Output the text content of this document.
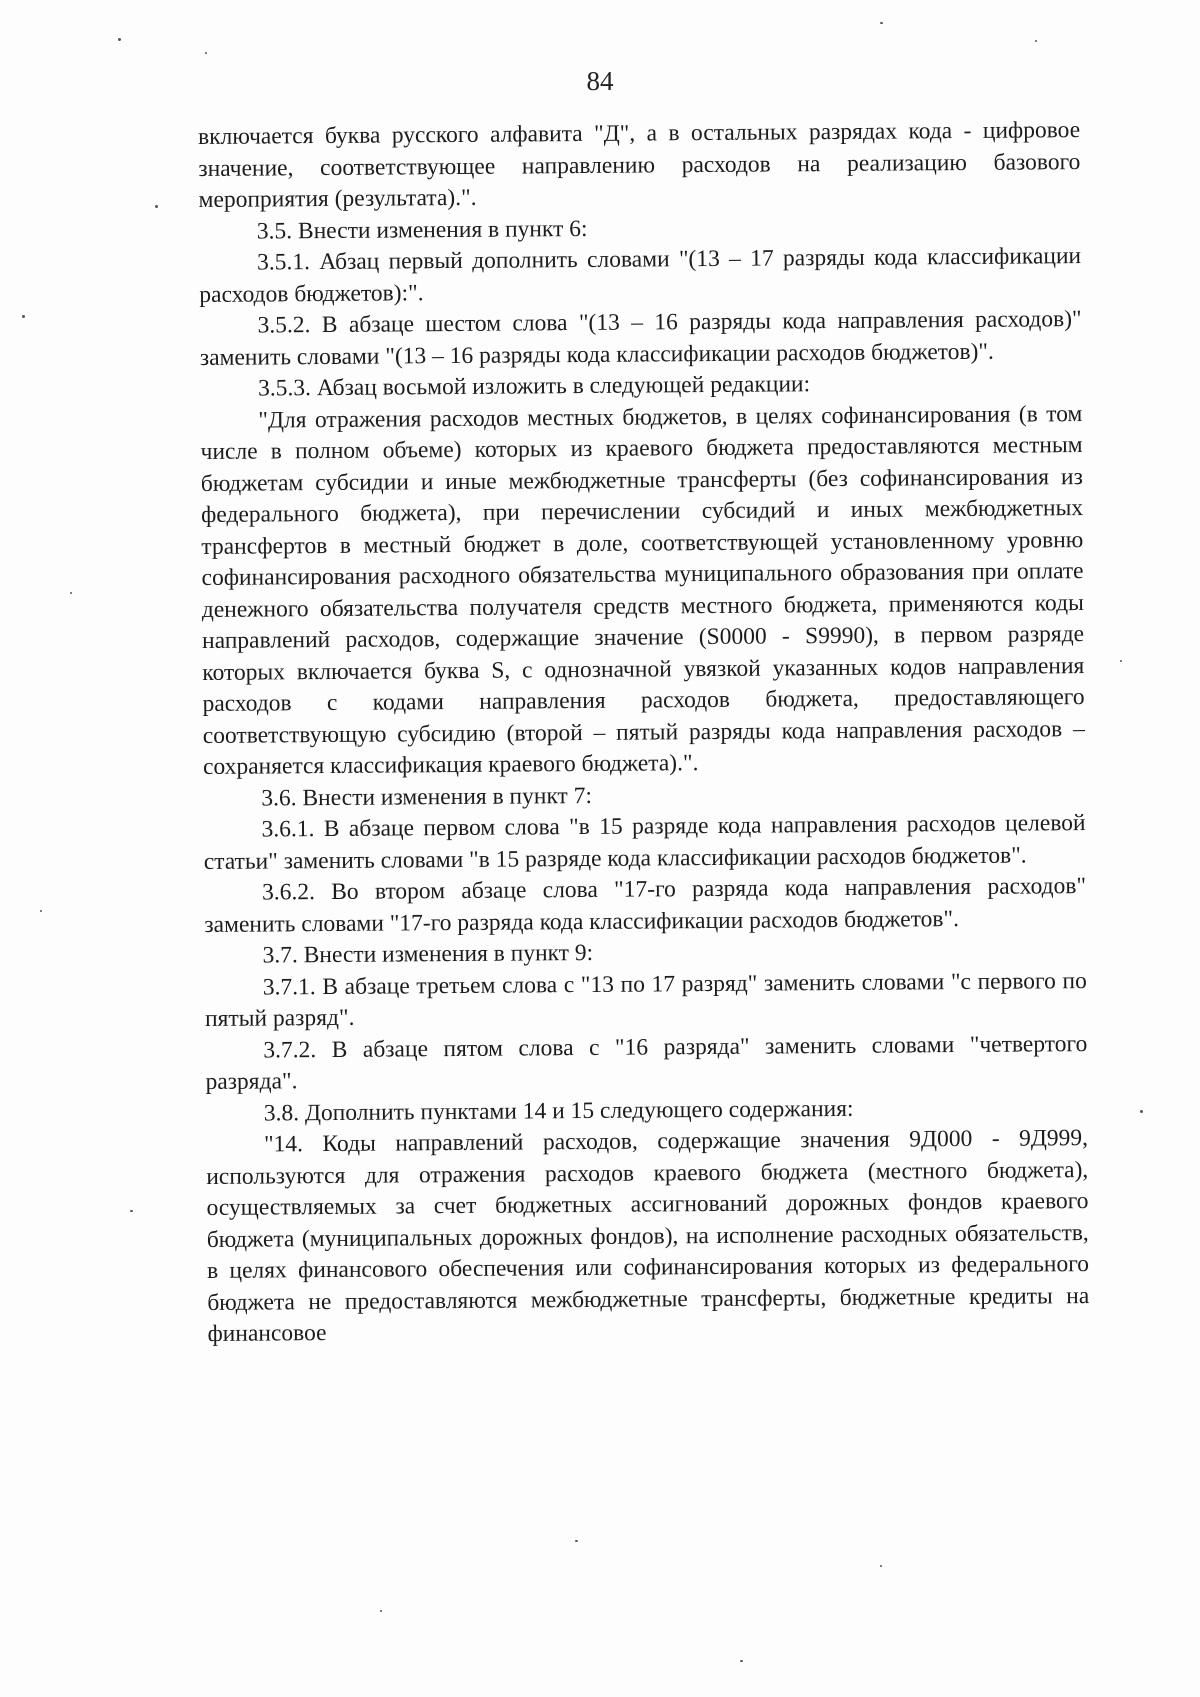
84

включается буква русского алфавита "Д", а в остальных разрядах кода - цифровое значение, соответствующее направлению расходов на реализацию базового мероприятия (результата).".

3.5. Внести изменения в пункт 6:

3.5.1. Абзац первый дополнить словами "(13 – 17 разряды кода классификации расходов бюджетов):".

3.5.2. В абзаце шестом слова "(13 – 16 разряды кода направления расходов)" заменить словами "(13 – 16 разряды кода классификации расходов бюджетов)".

3.5.3. Абзац восьмой изложить в следующей редакции:

"Для отражения расходов местных бюджетов, в целях софинансирования (в том числе в полном объеме) которых из краевого бюджета предоставляются местным бюджетам субсидии и иные межбюджетные трансферты (без софинансирования из федерального бюджета), при перечислении субсидий и иных межбюджетных трансфертов в местный бюджет в доле, соответствующей установленному уровню софинансирования расходного обязательства муниципального образования при оплате денежного обязательства получателя средств местного бюджета, применяются коды направлений расходов, содержащие значение (S0000 - S9990), в первом разряде которых включается буква S, с однозначной увязкой указанных кодов направления расходов с кодами направления расходов бюджета, предоставляющего соответствующую субсидию (второй – пятый разряды кода направления расходов – сохраняется классификация краевого бюджета).".

3.6. Внести изменения в пункт 7:

3.6.1. В абзаце первом слова "в 15 разряде кода направления расходов целевой статьи" заменить словами "в 15 разряде кода классификации расходов бюджетов".

3.6.2. Во втором абзаце слова "17-го разряда кода направления расходов" заменить словами "17-го разряда кода классификации расходов бюджетов".

3.7. Внести изменения в пункт 9:

3.7.1. В абзаце третьем слова с "13 по 17 разряд" заменить словами "с первого по пятый разряд".

3.7.2. В абзаце пятом слова с "16 разряда" заменить словами "четвертого разряда".

3.8. Дополнить пунктами 14 и 15 следующего содержания:

"14. Коды направлений расходов, содержащие значения 9Д000 - 9Д999, используются для отражения расходов краевого бюджета (местного бюджета), осуществляемых за счет бюджетных ассигнований дорожных фондов краевого бюджета (муниципальных дорожных фондов), на исполнение расходных обязательств, в целях финансового обеспечения или софинансирования которых из федерального бюджета не предоставляются межбюджетные трансферты, бюджетные кредиты на финансовое
